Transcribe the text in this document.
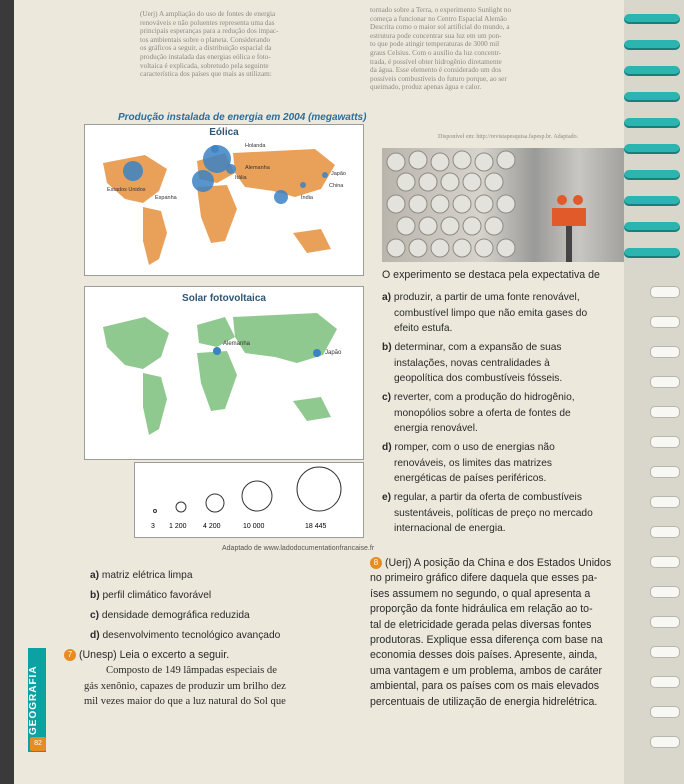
(Uerj) A ampliação do uso de fontes de energia
renováveis e não poluentes representa uma das
principais esperanças para a redução dos impac-
tos ambientais sobre o planeta. Considerando
os gráficos a seguir, a distribuição espacial da
produção instalada das energias eólica e foto-
voltaica é explicada, sobretudo pela seguinte
característica dos países que mais as utilizam:
tornado sobre a Terra, o experimento Sunlight no
começa a funcionar no Centro Espacial Alemão
Descrita como o maior sol artificial do mundo, a
estrutura pode concentrar sua luz em um pon-
to que pode atingir temperaturas de 3000 mil
graus Celsius. Com o auxílio da luz concentr-
trada, é possível obter hidrogênio diretamente
da água. Esse elemento é considerado um dos
possíveis combustíveis do futuro porque, ao ser
queimado, produz apenas água e calor.
Disponível em: http://revistapesquisa.fapesp.br. Adaptado.
Produção instalada de energia em 2004 (megawatts)
Eólica
Holanda
Alemanha
Itália
Espanha
Estados Unidos
Japão
China
Índia
Solar fotovoltaica
Alemanha
Japão
3 1 200 4 200	10 000	18 445
Adaptado de www.ladodocumentationfrancaise.fr
O experimento se destaca pela expectativa de
a) produzir, a partir de uma fonte renovável,
combustível limpo que não emita gases do
efeito estufa.
b) determinar, com a expansão de suas
instalações, novas centralidades à
geopolítica dos combustíveis fósseis.
c) reverter, com a produção do hidrogênio,
monopólios sobre a oferta de fontes de
energia renovável.
d) romper, com o uso de energias não
renováveis, os limites das matrizes
energéticas de países periféricos.
e) regular, a partir da oferta de combustíveis
sustentáveis, políticas de preço no mercado
internacional de energia.
a) matriz elétrica limpa
b) perfil climático favorável
c) densidade demográfica reduzida
d) desenvolvimento tecnológico avançado
7 (Unesp) Leia o excerto a seguir.
Composto de 149 lâmpadas especiais de
gás xenônio, capazes de produzir um brilho dez
mil vezes maior do que a luz natural do Sol que
8 (Uerj) A posição da China e dos Estados Unidos
no primeiro gráfico difere daquela que esses pa-
íses assumem no segundo, o qual apresenta a
proporção da fonte hidráulica em relação ao to-
tal de eletricidade gerada pelas diversas fontes
produtoras. Explique essa diferença com base na
economia desses dois países. Apresente, ainda,
uma vantagem e um problema, ambos de caráter
ambiental, para os países com os mais elevados
percentuais de utilização de energia hidrelétrica.
GEOGRAFIA
82
